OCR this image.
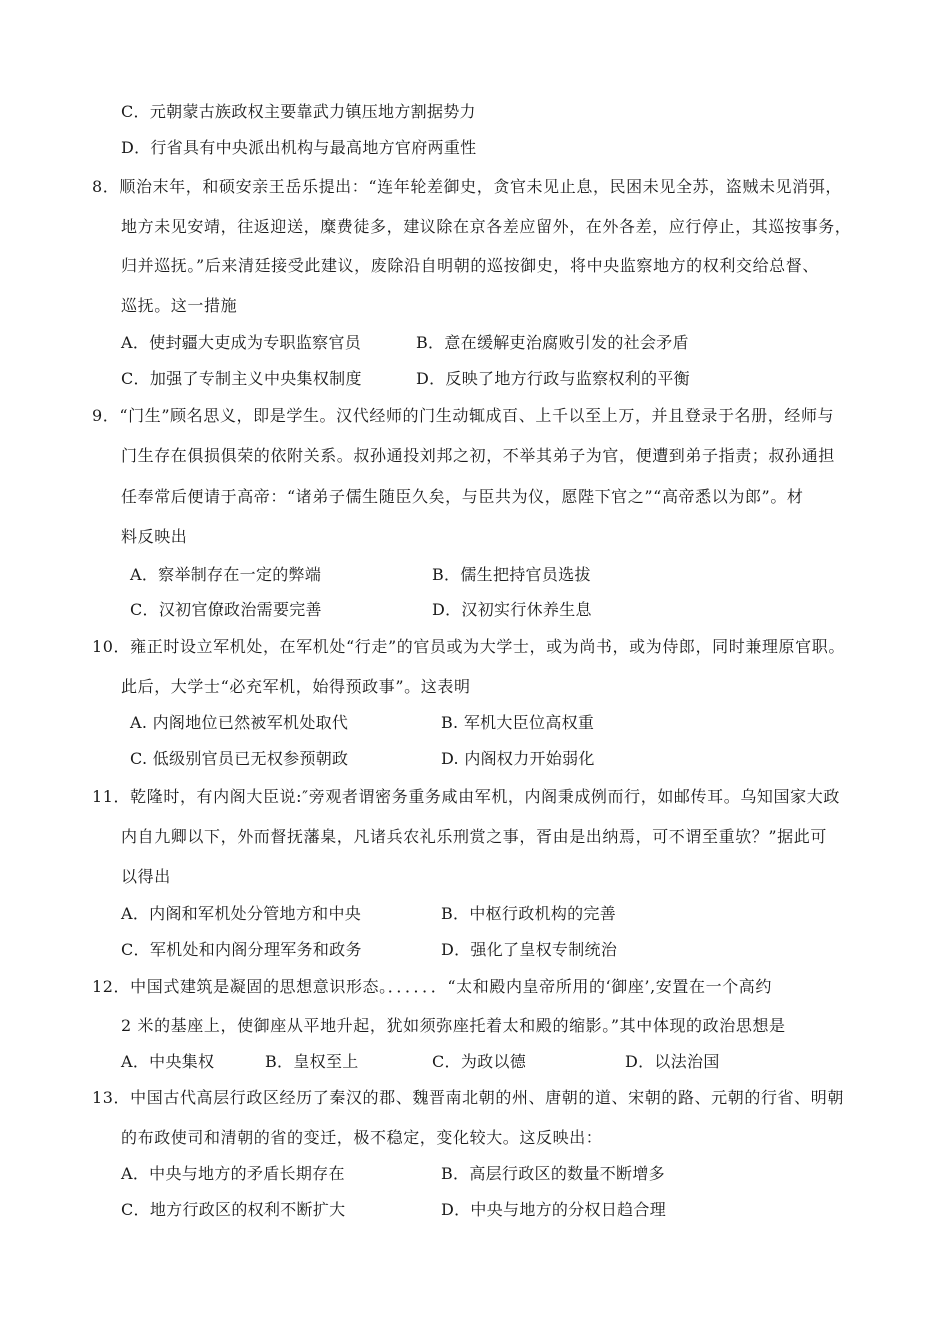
C．元朝蒙古族政权主要靠武力镇压地方割据势力
D．行省具有中央派出机构与最高地方官府两重性
8．顺治末年，和硕安亲王岳乐提出：“连年轮差御史，贪官未见止息，民困未见全苏，盗贼未见消弭，
地方未见安靖，往返迎送，糜费徒多，建议除在京各差应留外，在外各差，应行停止，其巡按事务，
归并巡抚。”后来清廷接受此建议，废除沿自明朝的巡按御史，将中央监察地方的权利交给总督、
巡抚。这一措施
A．使封疆大吏成为专职监察官员	B．意在缓解吏治腐败引发的社会矛盾
C．加强了专制主义中央集权制度	D．反映了地方行政与监察权利的平衡
9．“门生”顾名思义，即是学生。汉代经师的门生动辄成百、上千以至上万，并且登录于名册，经师与
门生存在俱损俱荣的依附关系。叔孙通投刘邦之初，不举其弟子为官，便遭到弟子指责；叔孙通担
任奉常后便请于高帝：“诸弟子儒生随臣久矣，与臣共为仪，愿陛下官之”“高帝悉以为郎”。材
料反映出
A．察举制存在一定的弊端	B．儒生把持官员选拔
C．汉初官僚政治需要完善	D．汉初实行休养生息
10．雍正时设立军机处，在军机处“行走”的官员或为大学士，或为尚书，或为侍郎，同时兼理原官职。
此后，大学士“必充军机，始得预政事”。这表明
A. 内阁地位已然被军机处取代	B. 军机大臣位高权重
C. 低级别官员已无权参预朝政	D. 内阁权力开始弱化
11．乾隆时，有内阁大臣说:″旁观者谓密务重务咸由军机，内阁秉成例而行，如邮传耳。乌知国家大政
内自九卿以下，外而督抚藩臬，凡诸兵农礼乐刑赏之事，胥由是出纳焉，可不谓至重欤？”据此可
以得出
A．内阁和军机处分管地方和中央	B．中枢行政机构的完善
C．军机处和内阁分理军务和政务	D．强化了皇权专制统治
12．中国式建筑是凝固的思想意识形态。．．．．．．“太和殿内皇帝所用的‘御座’,安置在一个高约
2 米的基座上，使御座从平地升起，犹如须弥座托着太和殿的缩影。”其中体现的政治思想是
A．中央集权	B．皇权至上	C．为政以德	D．以法治国
13．中国古代高层行政区经历了秦汉的郡、魏晋南北朝的州、唐朝的道、宋朝的路、元朝的行省、明朝
的布政使司和清朝的省的变迁，极不稳定，变化较大。这反映出：
A．中央与地方的矛盾长期存在	B．高层行政区的数量不断增多
C．地方行政区的权利不断扩大	D．中央与地方的分权日趋合理
